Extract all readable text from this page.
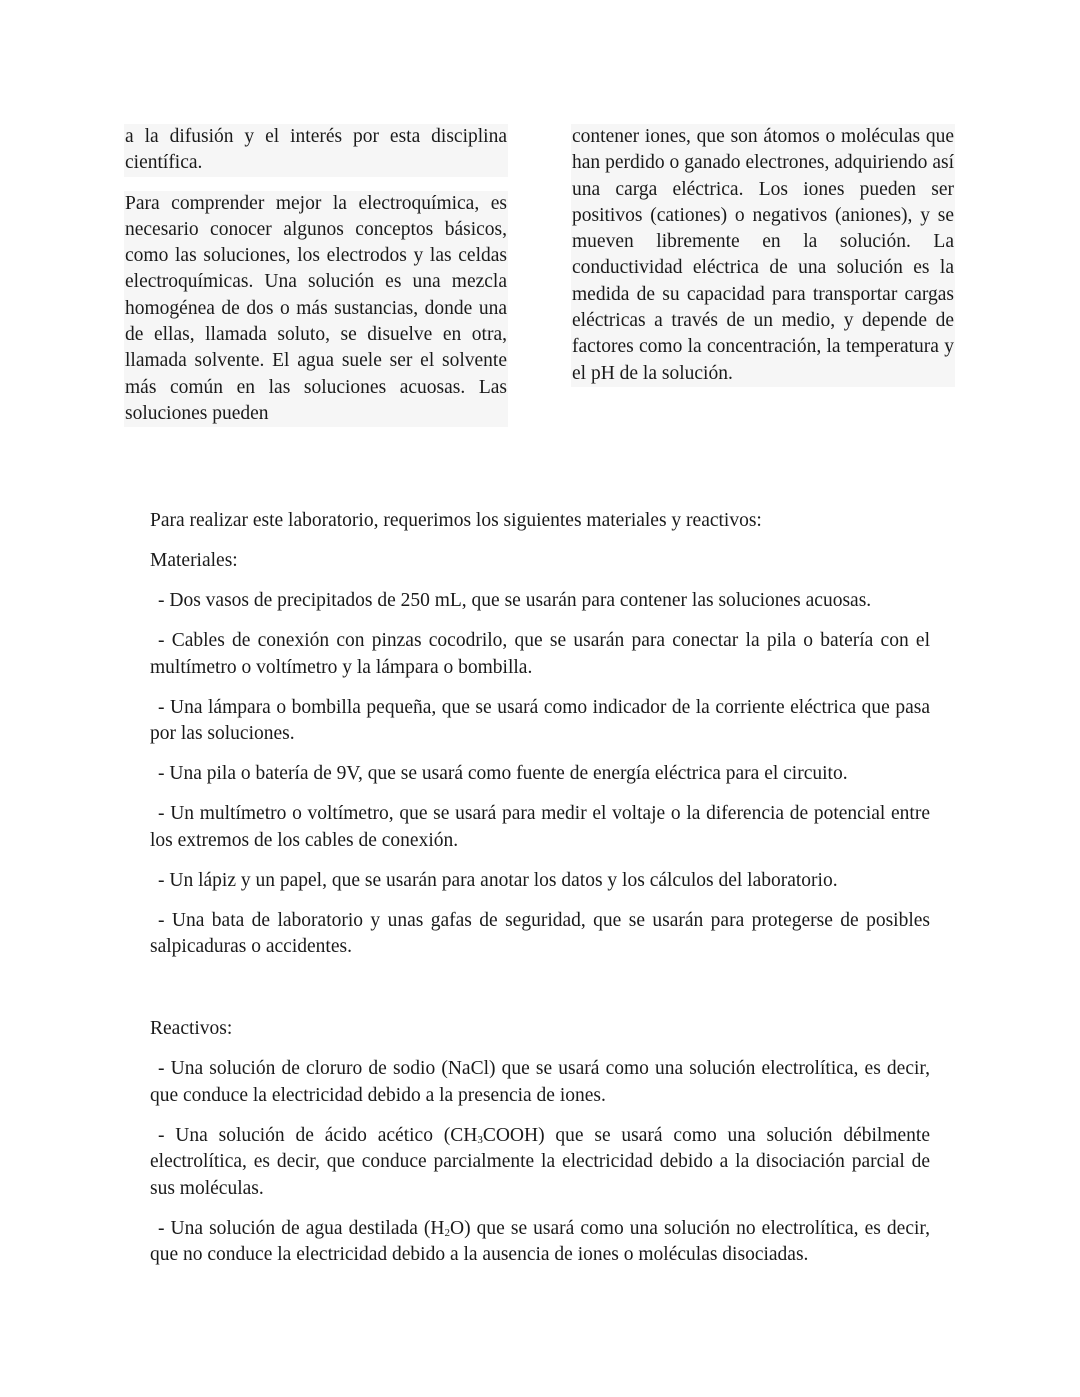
a la difusión y el interés por esta disciplina científica.

Para comprender mejor la electroquímica, es necesario conocer algunos conceptos básicos, como las soluciones, los electrodos y las celdas electroquímicas. Una solución es una mezcla homogénea de dos o más sustancias, donde una de ellas, llamada soluto, se disuelve en otra, llamada solvente. El agua suele ser el solvente más común en las soluciones acuosas. Las soluciones pueden

contener iones, que son átomos o moléculas que han perdido o ganado electrones, adquiriendo así una carga eléctrica. Los iones pueden ser positivos (cationes) o negativos (aniones), y se mueven libremente en la solución. La conductividad eléctrica de una solución es la medida de su capacidad para transportar cargas eléctricas a través de un medio, y depende de factores como la concentración, la temperatura y el pH de la solución.

Para realizar este laboratorio, requerimos los siguientes materiales y reactivos:

Materiales:

- Dos vasos de precipitados de 250 mL, que se usarán para contener las soluciones acuosas.

- Cables de conexión con pinzas cocodrilo, que se usarán para conectar la pila o batería con el multímetro o voltímetro y la lámpara o bombilla.

- Una lámpara o bombilla pequeña, que se usará como indicador de la corriente eléctrica que pasa por las soluciones.

- Una pila o batería de 9V, que se usará como fuente de energía eléctrica para el circuito.

- Un multímetro o voltímetro, que se usará para medir el voltaje o la diferencia de potencial entre los extremos de los cables de conexión.

- Un lápiz y un papel, que se usarán para anotar los datos y los cálculos del laboratorio.

- Una bata de laboratorio y unas gafas de seguridad, que se usarán para protegerse de posibles salpicaduras o accidentes.

Reactivos:

- Una solución de cloruro de sodio (NaCl) que se usará como una solución electrolítica, es decir, que conduce la electricidad debido a la presencia de iones.

- Una solución de ácido acético $(CH_3COOH)$ que se usará como una solución débilmente electrolítica, es decir, que conduce parcialmente la electricidad debido a la disociación parcial de sus moléculas.

- Una solución de agua destilada $(H_2O)$ que se usará como una solución no electrolítica, es decir, que no conduce la electricidad debido a la ausencia de iones o moléculas disociadas.
